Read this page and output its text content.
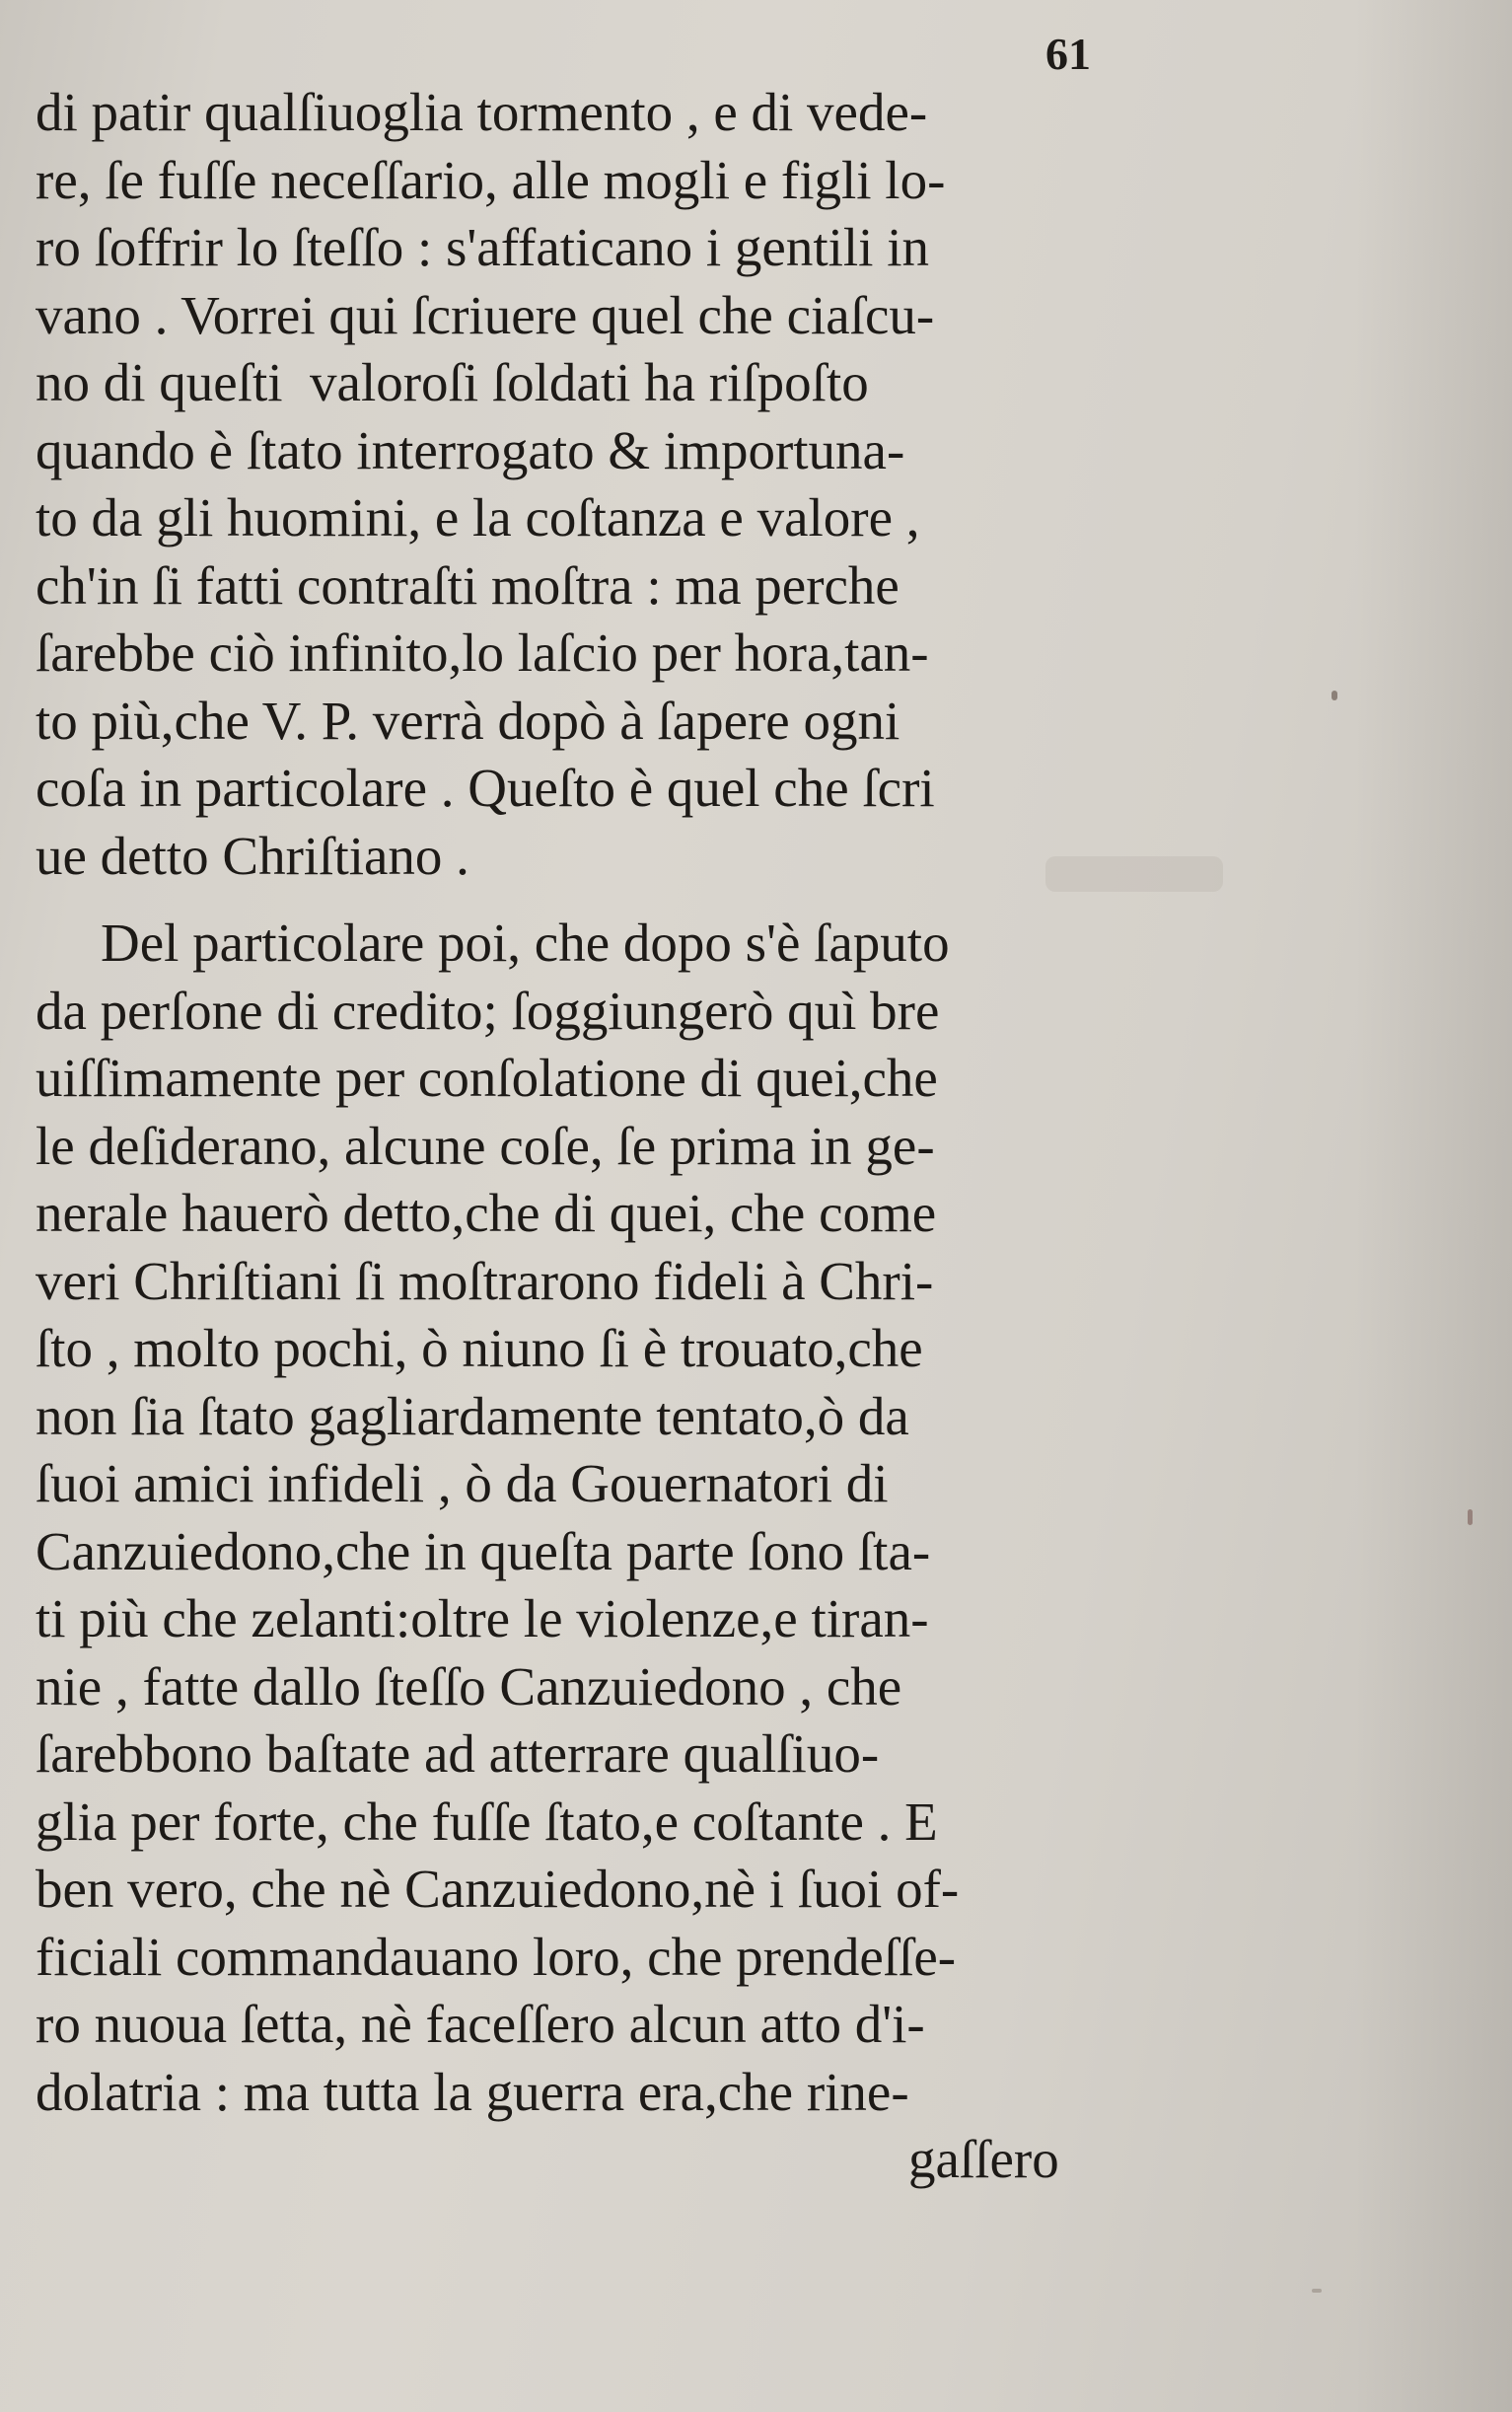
61
di patir qualſiuoglia tormento , e di vede-
re, ſe fuſſe neceſſario, alle mogli e figli lo-
ro ſoffrir lo ſteſſo : s'affaticano i gentili in
vano . Vorrei qui ſcriuere quel che ciaſcu-
no di queſti  valoroſi ſoldati ha riſpoſto
quando è ſtato interrogato & importuna-
to da gli huomini, e la coſtanza e valore ,
ch'in ſi fatti contraſti moſtra : ma perche
ſarebbe ciò infinito,lo laſcio per hora,tan-
to più,che V. P. verrà dopò à ſapere ogni
coſa in particolare . Queſto è quel che ſcri
ue detto Chriſtiano .
Del particolare poi, che dopo s'è ſaputo
da perſone di credito; ſoggiungerò quì bre
uiſſimamente per conſolatione di quei,che
le deſiderano, alcune coſe, ſe prima in ge-
nerale hauerò detto,che di quei, che come
veri Chriſtiani ſi moſtrarono fideli à Chri-
ſto , molto pochi, ò niuno ſi è trouato,che
non ſia ſtato gagliardamente tentato,ò da
ſuoi amici infideli , ò da Gouernatori di
Canzuiedono,che in queſta parte ſono ſta-
ti più che zelanti:oltre le violenze,e tiran-
nie , fatte dallo ſteſſo Canzuiedono , che
ſarebbono baſtate ad atterrare qualſiuo-
glia per forte, che fuſſe ſtato,e coſtante . E
ben vero, che nè Canzuiedono,nè i ſuoi of-
ficiali commandauano loro, che prendeſſe-
ro nuoua ſetta, nè faceſſero alcun atto d'i-
dolatria : ma tutta la guerra era,che rine-
gaſſero
